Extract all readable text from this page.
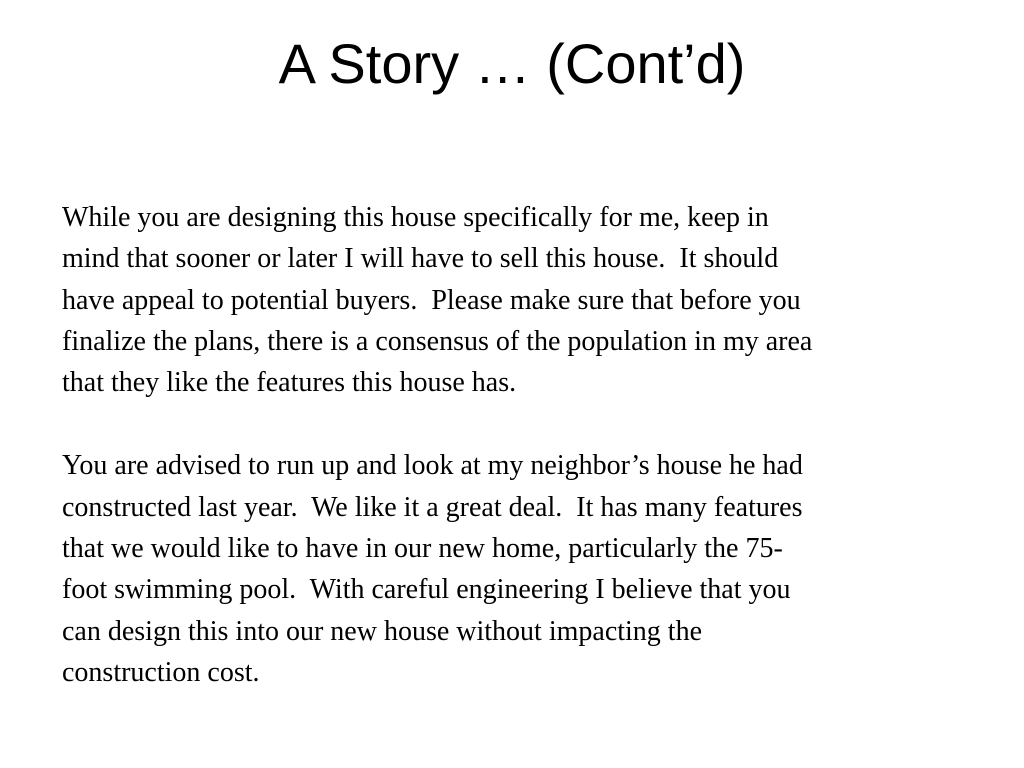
A Story … (Cont’d)
While you are designing this house specifically for me, keep in
mind that sooner or later I will have to sell this house.  It should
have appeal to potential buyers.  Please make sure that before you
finalize the plans, there is a consensus of the population in my area
that they like the features this house has.
You are advised to run up and look at my neighbor’s house he had
constructed last year.  We like it a great deal.  It has many features
that we would like to have in our new home, particularly the 75-
foot swimming pool.  With careful engineering I believe that you
can design this into our new house without impacting the
construction cost.
